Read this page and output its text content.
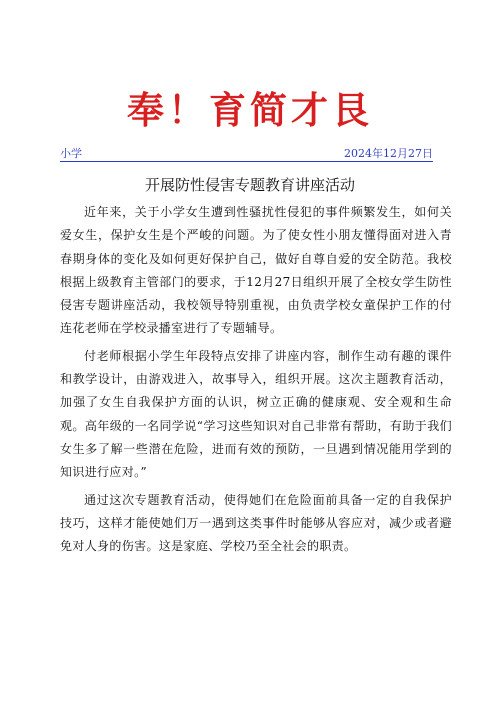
奉！育简才艮
小学	2024年12月27日
开展防性侵害专题教育讲座活动

近年来，关于小学女生遭到性骚扰性侵犯的事件频繁发生，如何关爱女生，保护女生是个严峻的问题。为了使女性小朋友懂得面对进入青春期身体的变化及如何更好保护自己，做好自尊自爱的安全防范。我校根据上级教育主管部门的要求，于12月27日组织开展了全校女学生防性侵害专题讲座活动，我校领导特别重视，由负责学校女童保护工作的付连花老师在学校录播室进行了专题辅导。

付老师根据小学生年段特点安排了讲座内容，制作生动有趣的课件和教学设计，由游戏进入，故事导入，组织开展。这次主题教育活动，加强了女生自我保护方面的认识，树立正确的健康观、安全观和生命观。高年级的一名同学说“学习这些知识对自己非常有帮助，有助于我们女生多了解一些潜在危险，进而有效的预防，一旦遇到情况能用学到的知识进行应对。”

通过这次专题教育活动，使得她们在危险面前具备一定的自我保护技巧，这样才能使她们万一遇到这类事件时能够从容应对，减少或者避免对人身的伤害。这是家庭、学校乃至全社会的职责。
